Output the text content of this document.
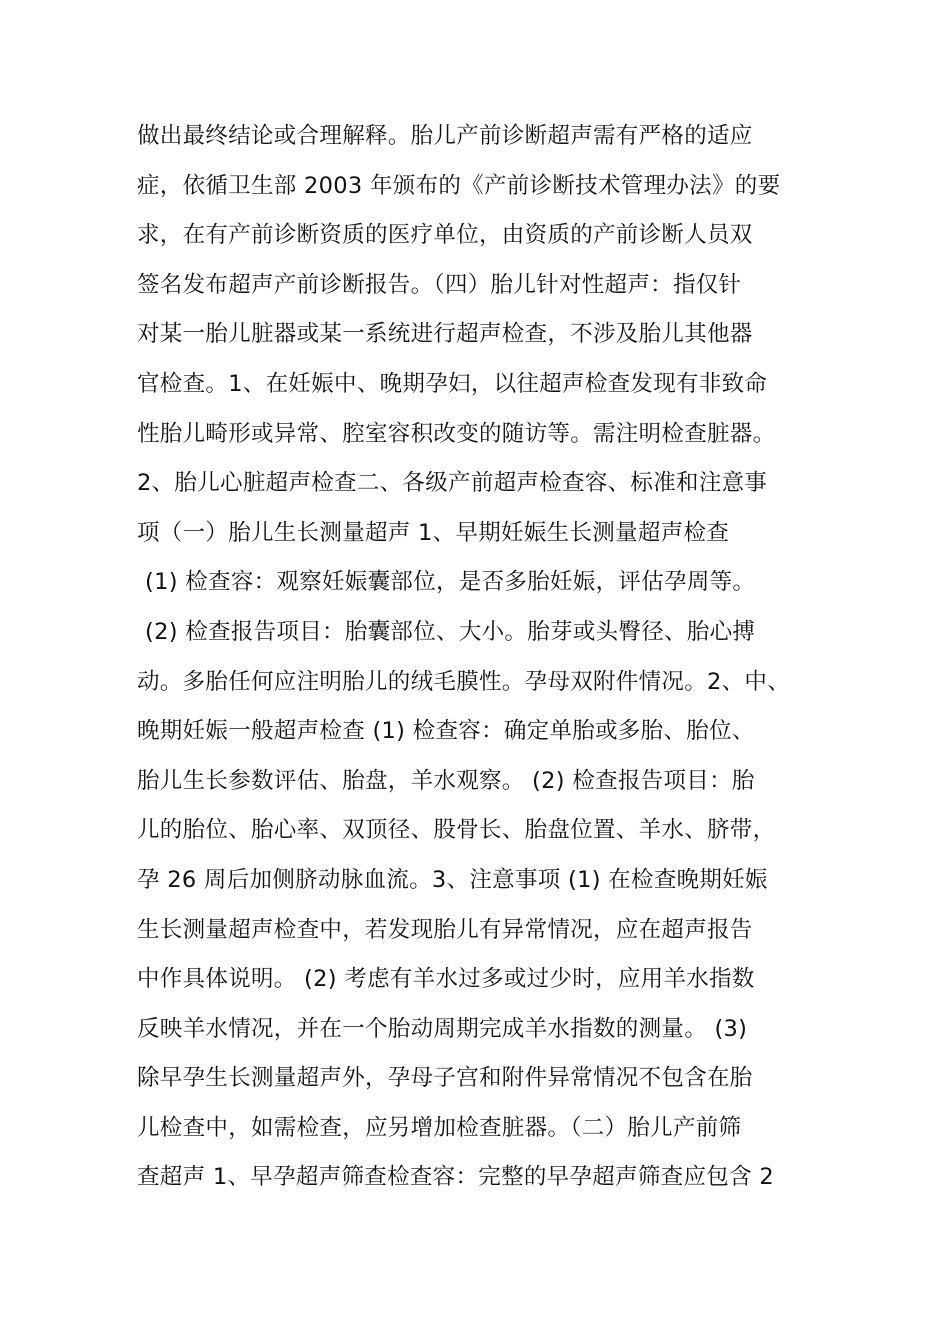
做出最终结论或合理解释。胎儿产前诊断超声需有严格的适应
症，依循卫生部 2003 年颁布的《产前诊断技术管理办法》的要
求，在有产前诊断资质的医疗单位，由资质的产前诊断人员双
签名发布超声产前诊断报告。（四）胎儿针对性超声：指仅针
对某一胎儿脏器或某一系统进行超声检查，不涉及胎儿其他器
官检查。1、在妊娠中、晚期孕妇，以往超声检查发现有非致命
性胎儿畸形或异常、腔室容积改变的随访等。需注明检查脏器。
2、胎儿心脏超声检查二、各级产前超声检查容、标准和注意事
项（一）胎儿生长测量超声 1、早期妊娠生长测量超声检查
(1) 检查容：观察妊娠囊部位，是否多胎妊娠，评估孕周等。
(2) 检查报告项目：胎囊部位、大小。胎芽或头臀径、胎心搏
动。多胎任何应注明胎儿的绒毛膜性。孕母双附件情况。2、中、
晚期妊娠一般超声检查 (1) 检查容：确定单胎或多胎、胎位、
胎儿生长参数评估、胎盘，羊水观察。 (2) 检查报告项目：胎
儿的胎位、胎心率、双顶径、股骨长、胎盘位置、羊水、脐带，
孕 26 周后加侧脐动脉血流。3、注意事项 (1) 在检查晚期妊娠
生长测量超声检查中，若发现胎儿有异常情况，应在超声报告
中作具体说明。 (2) 考虑有羊水过多或过少时，应用羊水指数
反映羊水情况，并在一个胎动周期完成羊水指数的测量。 (3)
除早孕生长测量超声外，孕母子宫和附件异常情况不包含在胎
儿检查中，如需检查，应另增加检查脏器。（二）胎儿产前筛
查超声 1、早孕超声筛查检查容：完整的早孕超声筛查应包含 2
